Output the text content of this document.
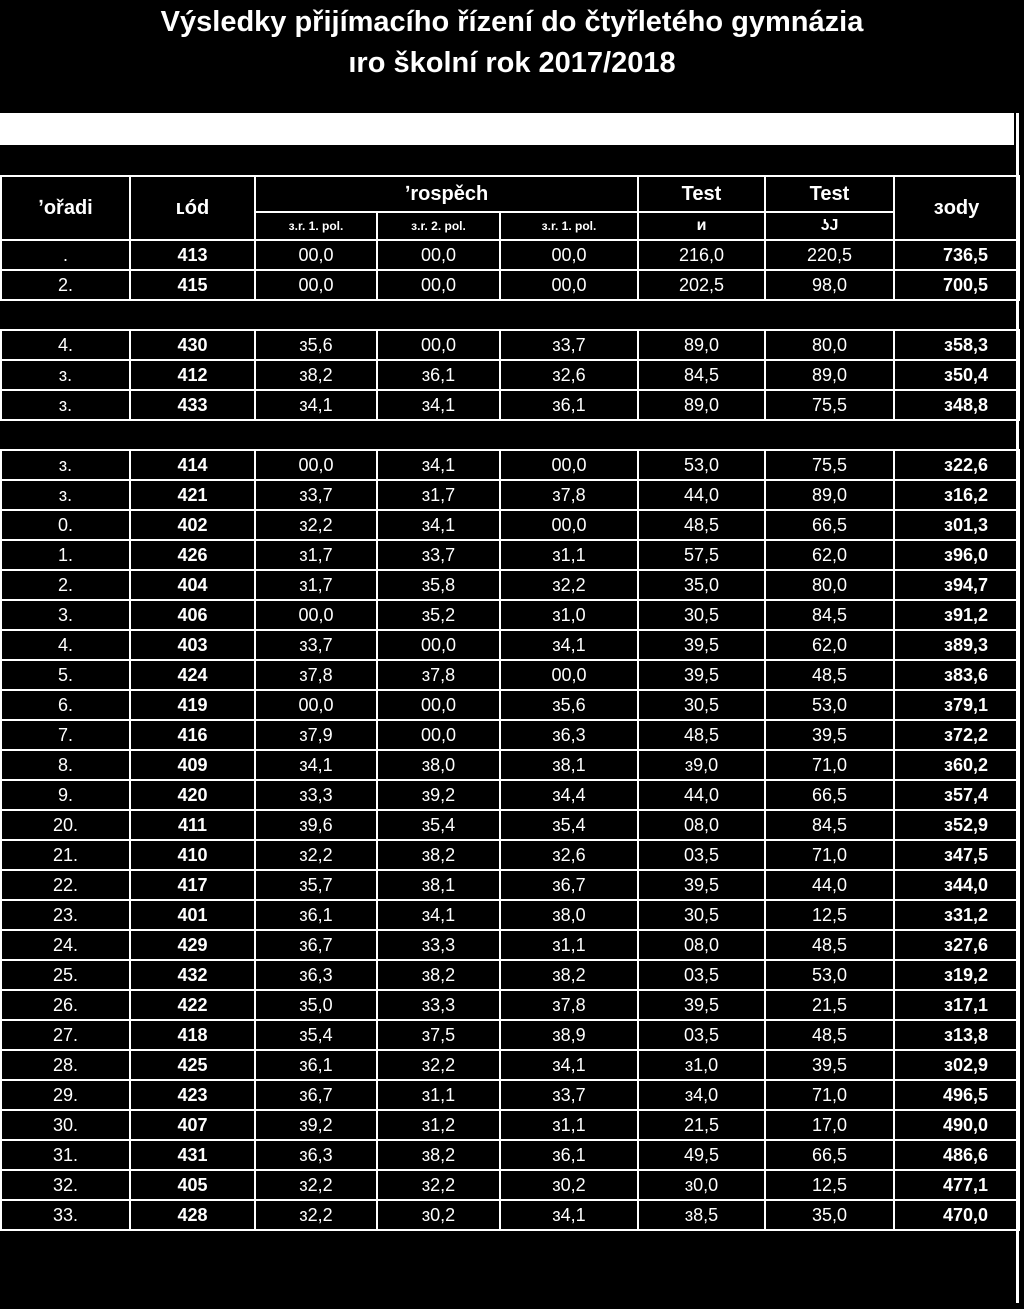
Výsledky přijímacího řízení do čtyřletého gymnázia
ıro školní rok 2017/2018
ʼořadi	ʟód	ʼrospěch			Test	Test	ɜody
		ɜ.r. 1. pol.	ɜ.r. 2. pol.	ɜ.r. 1. pol.	ᴎ	ʖJ	
.	413	00,0	00,0	00,0	216,0	220,5	736,5
2.	415	00,0	00,0	00,0	202,5	98,0	700,5

4.	430	ɜ5,6	00,0	ɜ3,7	89,0	80,0	ɜ58,3
ɜ.	412	ɜ8,2	ɜ6,1	ɜ2,6	84,5	89,0	ɜ50,4
ɜ.	433	ɜ4,1	ɜ4,1	ɜ6,1	89,0	75,5	ɜ48,8

ɜ.	414	00,0	ɜ4,1	00,0	53,0	75,5	ɜ22,6
ɜ.	421	ɜ3,7	ɜ1,7	ɜ7,8	44,0	89,0	ɜ16,2
0.	402	ɜ2,2	ɜ4,1	00,0	48,5	66,5	ɜ01,3
1.	426	ɜ1,7	ɜ3,7	ɜ1,1	57,5	62,0	ɜ96,0
2.	404	ɜ1,7	ɜ5,8	ɜ2,2	35,0	80,0	ɜ94,7
3.	406	00,0	ɜ5,2	ɜ1,0	30,5	84,5	ɜ91,2
4.	403	ɜ3,7	00,0	ɜ4,1	39,5	62,0	ɜ89,3
5.	424	ɜ7,8	ɜ7,8	00,0	39,5	48,5	ɜ83,6
6.	419	00,0	00,0	ɜ5,6	30,5	53,0	ɜ79,1
7.	416	ɜ7,9	00,0	ɜ6,3	48,5	39,5	ɜ72,2
8.	409	ɜ4,1	ɜ8,0	ɜ8,1	ɜ9,0	71,0	ɜ60,2
9.	420	ɜ3,3	ɜ9,2	ɜ4,4	44,0	66,5	ɜ57,4
20.	411	ɜ9,6	ɜ5,4	ɜ5,4	08,0	84,5	ɜ52,9
21.	410	ɜ2,2	ɜ8,2	ɜ2,6	03,5	71,0	ɜ47,5
22.	417	ɜ5,7	ɜ8,1	ɜ6,7	39,5	44,0	ɜ44,0
23.	401	ɜ6,1	ɜ4,1	ɜ8,0	30,5	12,5	ɜ31,2
24.	429	ɜ6,7	ɜ3,3	ɜ1,1	08,0	48,5	ɜ27,6
25.	432	ɜ6,3	ɜ8,2	ɜ8,2	03,5	53,0	ɜ19,2
26.	422	ɜ5,0	ɜ3,3	ɜ7,8	39,5	21,5	ɜ17,1
27.	418	ɜ5,4	ɜ7,5	ɜ8,9	03,5	48,5	ɜ13,8
28.	425	ɜ6,1	ɜ2,2	ɜ4,1	ɜ1,0	39,5	ɜ02,9
29.	423	ɜ6,7	ɜ1,1	ɜ3,7	ɜ4,0	71,0	496,5
30.	407	ɜ9,2	ɜ1,2	ɜ1,1	21,5	17,0	490,0
31.	431	ɜ6,3	ɜ8,2	ɜ6,1	49,5	66,5	486,6
32.	405	ɜ2,2	ɜ2,2	ɜ0,2	ɜ0,0	12,5	477,1
33.	428	ɜ2,2	ɜ0,2	ɜ4,1	ɜ8,5	35,0	470,0
